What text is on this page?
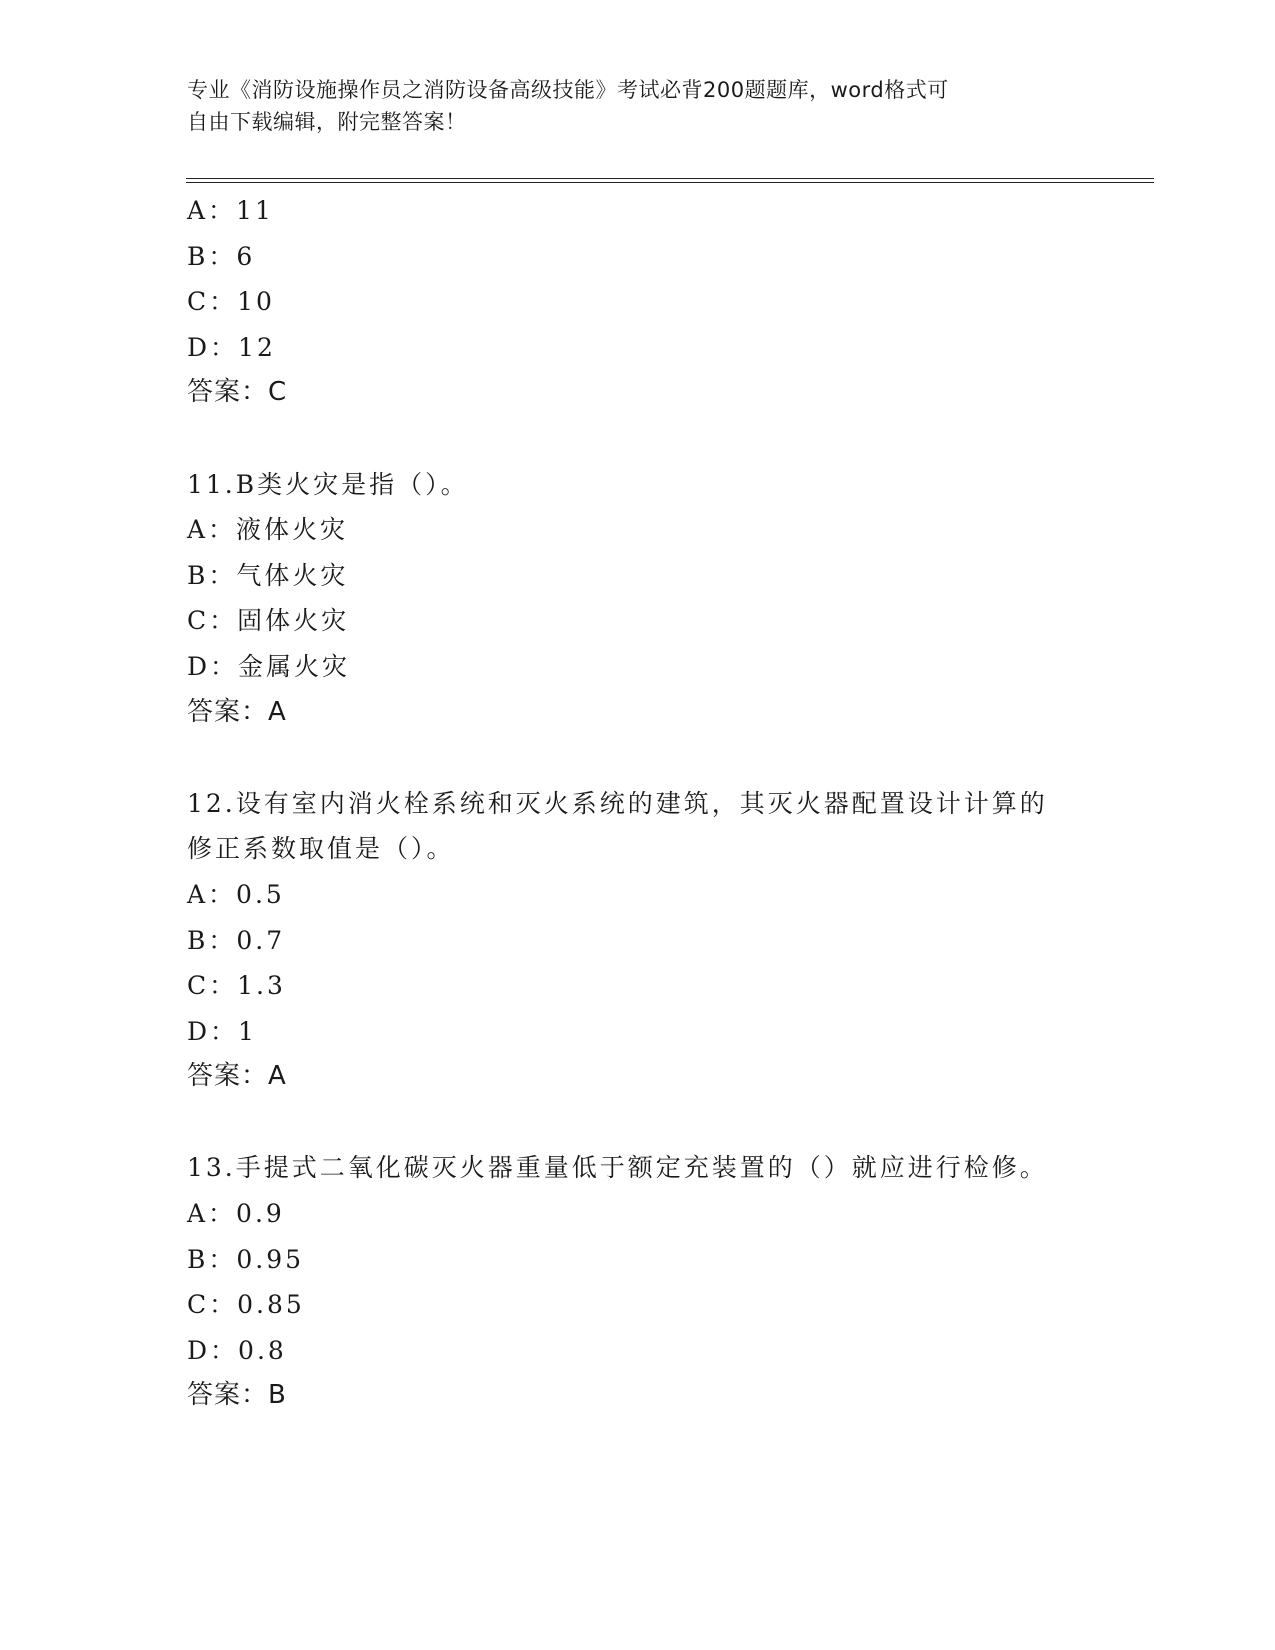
专业《消防设施操作员之消防设备高级技能》考试必背200题题库，word格式可
自由下载编辑，附完整答案！
A：11
B：6
C：10
D：12
答案：C
11.B类火灾是指（）。
A：液体火灾
B：气体火灾
C：固体火灾
D：金属火灾
答案：A
12.设有室内消火栓系统和灭火系统的建筑，其灭火器配置设计计算的
修正系数取值是（）。
A：0.5
B：0.7
C：1.3
D：1
答案：A
13.手提式二氧化碳灭火器重量低于额定充装置的（）就应进行检修。
A：0.9
B：0.95
C：0.85
D：0.8
答案：B
